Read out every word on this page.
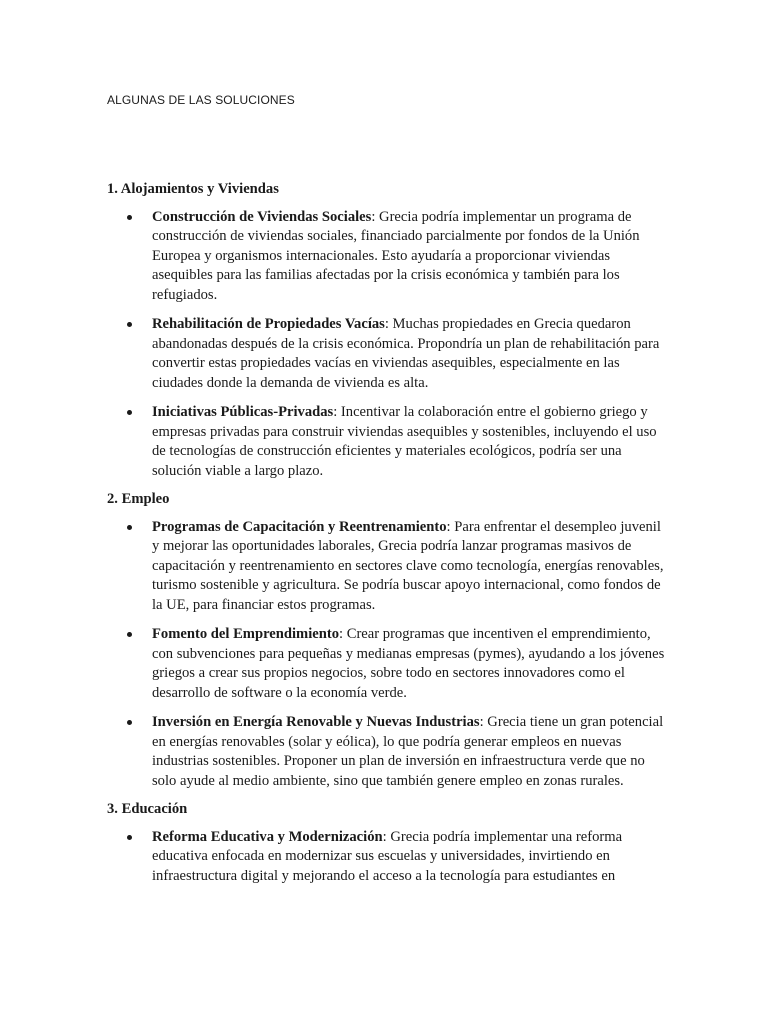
ALGUNAS DE LAS SOLUCIONES
1. Alojamientos y Viviendas
Construcción de Viviendas Sociales: Grecia podría implementar un programa de construcción de viviendas sociales, financiado parcialmente por fondos de la Unión Europea y organismos internacionales. Esto ayudaría a proporcionar viviendas asequibles para las familias afectadas por la crisis económica y también para los refugiados.
Rehabilitación de Propiedades Vacías: Muchas propiedades en Grecia quedaron abandonadas después de la crisis económica. Propondría un plan de rehabilitación para convertir estas propiedades vacías en viviendas asequibles, especialmente en las ciudades donde la demanda de vivienda es alta.
Iniciativas Públicas-Privadas: Incentivar la colaboración entre el gobierno griego y empresas privadas para construir viviendas asequibles y sostenibles, incluyendo el uso de tecnologías de construcción eficientes y materiales ecológicos, podría ser una solución viable a largo plazo.
2. Empleo
Programas de Capacitación y Reentrenamiento: Para enfrentar el desempleo juvenil y mejorar las oportunidades laborales, Grecia podría lanzar programas masivos de capacitación y reentrenamiento en sectores clave como tecnología, energías renovables, turismo sostenible y agricultura. Se podría buscar apoyo internacional, como fondos de la UE, para financiar estos programas.
Fomento del Emprendimiento: Crear programas que incentiven el emprendimiento, con subvenciones para pequeñas y medianas empresas (pymes), ayudando a los jóvenes griegos a crear sus propios negocios, sobre todo en sectores innovadores como el desarrollo de software o la economía verde.
Inversión en Energía Renovable y Nuevas Industrias: Grecia tiene un gran potencial en energías renovables (solar y eólica), lo que podría generar empleos en nuevas industrias sostenibles. Proponer un plan de inversión en infraestructura verde que no solo ayude al medio ambiente, sino que también genere empleo en zonas rurales.
3. Educación
Reforma Educativa y Modernización: Grecia podría implementar una reforma educativa enfocada en modernizar sus escuelas y universidades, invirtiendo en infraestructura digital y mejorando el acceso a la tecnología para estudiantes en
